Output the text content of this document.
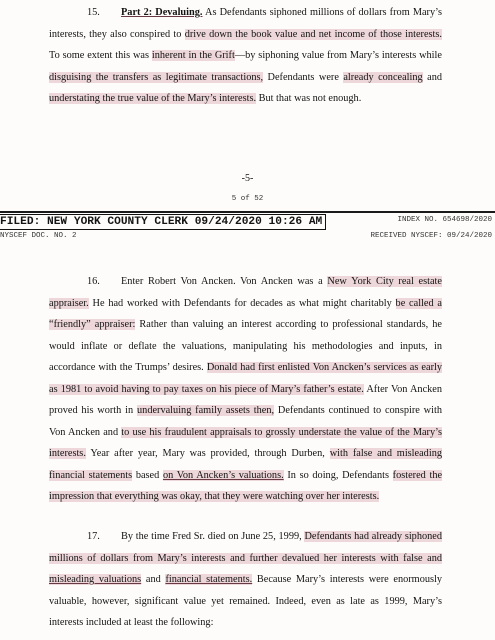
15. Part 2: Devaluing. As Defendants siphoned millions of dollars from Mary’s interests, they also conspired to drive down the book value and net income of those interests. To some extent this was inherent in the Grift—by siphoning value from Mary’s interests while disguising the transfers as legitimate transactions, Defendants were already concealing and understating the true value of the Mary’s interests. But that was not enough.
-5-
5 of 52
FILED: NEW YORK COUNTY CLERK 09/24/2020 10:26 AM	INDEX NO. 654698/2020
NYSCEF DOC. NO. 2	RECEIVED NYSCEF: 09/24/2020
16. Enter Robert Von Ancken. Von Ancken was a New York City real estate appraiser. He had worked with Defendants for decades as what might charitably be called a “friendly” appraiser: Rather than valuing an interest according to professional standards, he would inflate or deflate the valuations, manipulating his methodologies and inputs, in accordance with the Trumps’ desires. Donald had first enlisted Von Ancken’s services as early as 1981 to avoid having to pay taxes on his piece of Mary’s father’s estate. After Von Ancken proved his worth in undervaluing family assets then, Defendants continued to conspire with Von Ancken and to use his fraudulent appraisals to grossly understate the value of the Mary’s interests. Year after year, Mary was provided, through Durben, with false and misleading financial statements based on Von Ancken’s valuations. In so doing, Defendants fostered the impression that everything was okay, that they were watching over her interests.
17. By the time Fred Sr. died on June 25, 1999, Defendants had already siphoned millions of dollars from Mary’s interests and further devalued her interests with false and misleading valuations and financial statements. Because Mary’s interests were enormously valuable, however, significant value yet remained. Indeed, even as late as 1999, Mary’s interests included at least the following:
